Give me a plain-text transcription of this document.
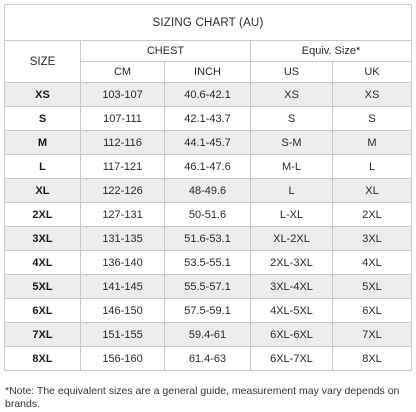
SIZING CHART (AU)				
SIZE	CHEST		Equiv. Size*	
	CM	INCH	US	UK
XS	103-107	40.6-42.1	XS	XS
S	107-111	42.1-43.7	S	S
M	112-116	44.1-45.7	S-M	M
L	117-121	46.1-47.6	M-L	L
XL	122-126	48-49.6	L	XL
2XL	127-131	50-51.6	L-XL	2XL
3XL	131-135	51.6-53.1	XL-2XL	3XL
4XL	136-140	53.5-55.1	2XL-3XL	4XL
5XL	141-145	55.5-57.1	3XL-4XL	5XL
6XL	146-150	57.5-59.1	4XL-5XL	6XL
7XL	151-155	59.4-61	6XL-6XL	7XL
8XL	156-160	61.4-63	6XL-7XL	8XL
*Note: The equivalent sizes are a general guide, measurement may vary depends on brands.
